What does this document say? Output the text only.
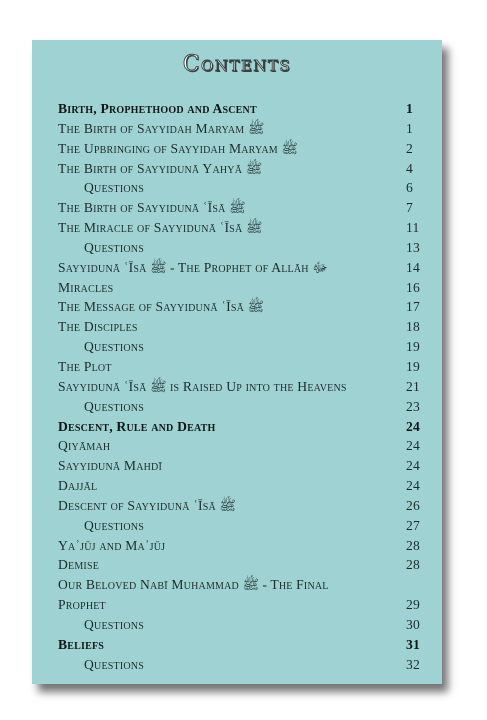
Contents
Birth, Prophethood and Ascent	1
The Birth of Sayyidah Maryam ﷺ	1
The Upbringing of Sayyidah Maryam ﷺ	2
The Birth of Sayyidunā Yahyā ﷺ	4
Questions	6
The Birth of Sayyidunā ʿĪsā ﷺ	7
The Miracle of Sayyidunā ʿĪsā ﷺ	11
Questions	13
Sayyidunā ʿĪsā ﷺ - The Prophet of Allāh ﷻ	14
Miracles	16
The Message of Sayyidunā ʿĪsā ﷺ	17
The Disciples	18
Questions	19
The Plot	19
Sayyidunā ʿĪsā ﷺ is Raised Up into the Heavens	21
Questions	23
Descent, Rule and Death	24
Qiyāmah	24
Sayyidunā Mahdī	24
Dajjāl	24
Descent of Sayyidunā ʿĪsā ﷺ	26
Questions	27
Yaʾjūj and Maʾjūj	28
Demise	28
Our Beloved Nabī Muhammad ﷺ - The Final Prophet	29
Questions	30
Beliefs	31
Questions	32
